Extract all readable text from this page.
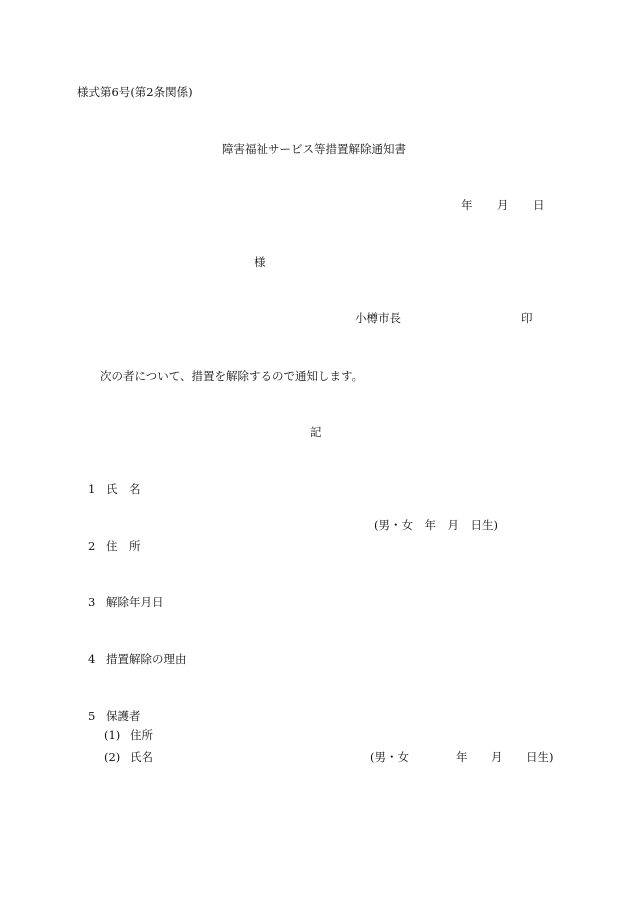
様式第6号(第2条関係)
障害福祉サービス等措置解除通知書
年 月 日
様
小樽市長	印
次の者について、措置を解除するので通知します。
記
1 氏　名
(男・女　年　月　日生)
2 住　所
3 解除年月日
4 措置解除の理由
5 保護者
(1) 住所
(2) 氏名	(男・女	年 月 日生)
